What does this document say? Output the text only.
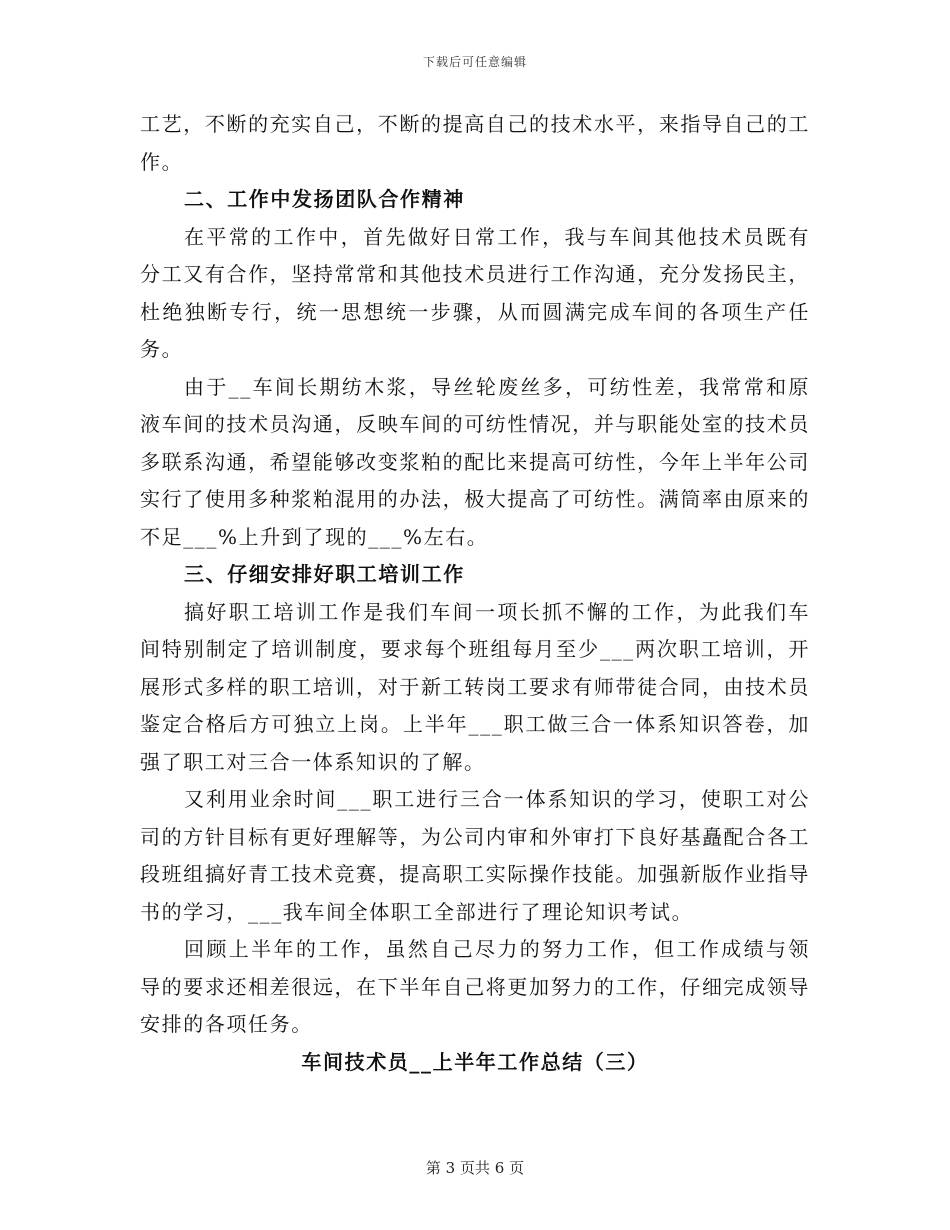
下载后可任意编辑

工艺，不断的充实自己，不断的提高自己的技术水平，来指导自己的工作。

二、工作中发扬团队合作精神

在平常的工作中，首先做好日常工作，我与车间其他技术员既有分工又有合作，坚持常常和其他技术员进行工作沟通，充分发扬民主，杜绝独断专行，统一思想统一步骤，从而圆满完成车间的各项生产任务。

由于__车间长期纺木浆，导丝轮废丝多，可纺性差，我常常和原液车间的技术员沟通，反映车间的可纺性情况，并与职能处室的技术员多联系沟通，希望能够改变浆粕的配比来提高可纺性，今年上半年公司实行了使用多种浆粕混用的办法，极大提高了可纺性。满筒率由原来的不足___%上升到了现的___%左右。

三、仔细安排好职工培训工作

搞好职工培训工作是我们车间一项长抓不懈的工作，为此我们车间特别制定了培训制度，要求每个班组每月至少___两次职工培训，开展形式多样的职工培训，对于新工转岗工要求有师带徒合同，由技术员鉴定合格后方可独立上岗。上半年___职工做三合一体系知识答卷，加强了职工对三合一体系知识的了解。

又利用业余时间___职工进行三合一体系知识的学习，使职工对公司的方针目标有更好理解等，为公司内审和外审打下良好基矗配合各工段班组搞好青工技术竞赛，提高职工实际操作技能。加强新版作业指导书的学习，___我车间全体职工全部进行了理论知识考试。

回顾上半年的工作，虽然自己尽力的努力工作，但工作成绩与领导的要求还相差很远，在下半年自己将更加努力的工作，仔细完成领导安排的各项任务。

车间技术员__上半年工作总结（三）

第 3 页共 6 页
